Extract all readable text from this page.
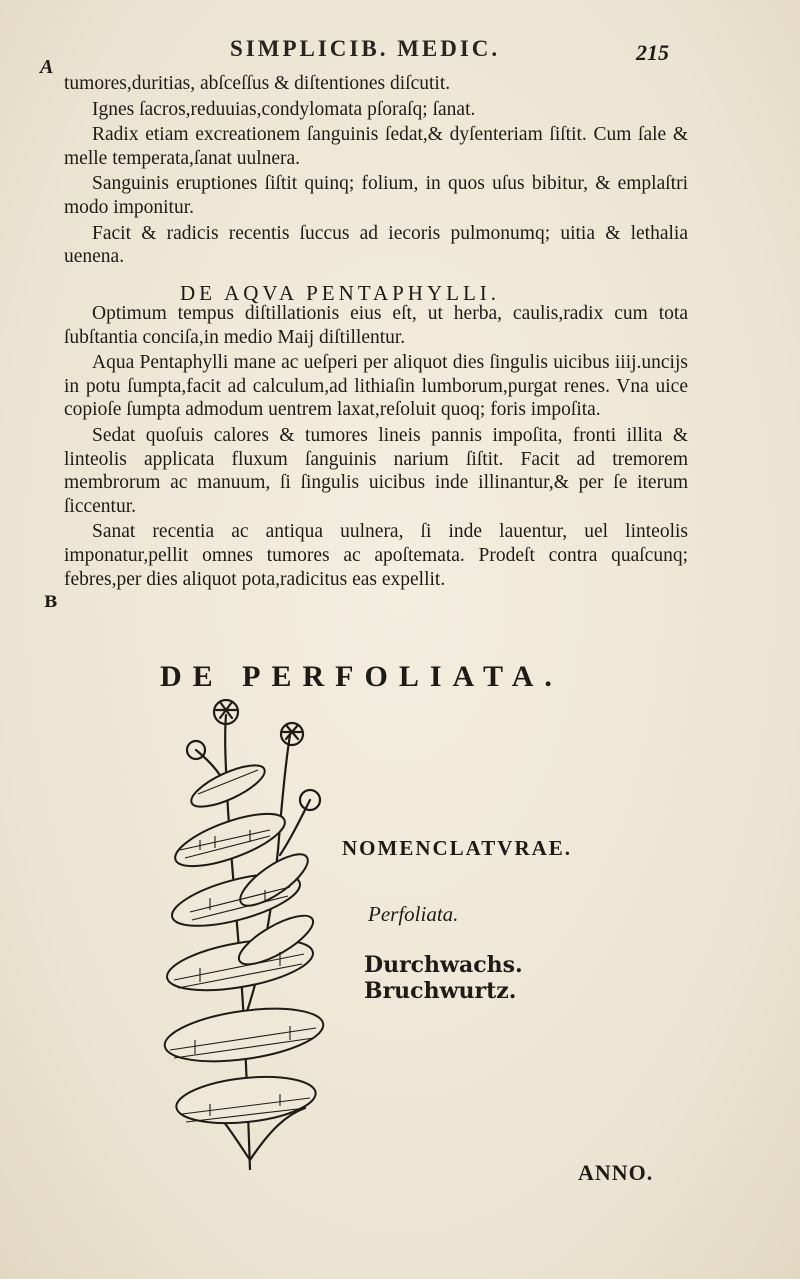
SIMPLICIB. MEDIC.	215
A
B

tumores,duritias, abſceſſus & diſtentiones diſcutit.

Ignes ſacros,reduuias,condylomata pſoraſq; ſanat.

Radix etiam excreationem ſanguinis ſedat,& dyſenteriam ſiſtit. Cum ſale & melle temperata,ſanat uulnera.

Sanguinis eruptiones ſiſtit quinq; folium, in quos uſus bibitur, & emplaſtri modo imponitur.

Facit & radicis recentis ſuccus ad iecoris pulmonumq; uitia & lethalia uenena.

DE AQVA PENTAPHYLLI.

Optimum tempus diſtillationis eius eſt, ut herba, caulis,radix cum tota ſubſtantia conciſa,in medio Maij diſtillentur.

Aqua Pentaphylli mane ac ueſperi per aliquot dies ſingulis uicibus iiij.uncijs in potu ſumpta,facit ad calculum,ad lithiaſin lumborum,purgat renes. Vna uice copioſe ſumpta admodum uentrem laxat,reſoluit quoq; foris impoſita.

Sedat quoſuis calores & tumores lineis pannis impoſita, fronti illita & linteolis applicata fluxum ſanguinis narium ſiſtit. Facit ad tremorem membrorum ac manuum, ſi ſingulis uicibus inde illinantur,& per ſe iterum ſiccentur.

Sanat recentia ac antiqua uulnera, ſi inde lauentur, uel linteolis imponatur,pellit omnes tumores ac apoſtemata. Prodeſt contra quaſcunq; febres,per dies aliquot pota,radicitus eas expellit.

DE PERFOLIATA.
NOMENCLATVRAE.
Perfoliata.
Durchwachs.
Bruchwurtz.
ANNO.
